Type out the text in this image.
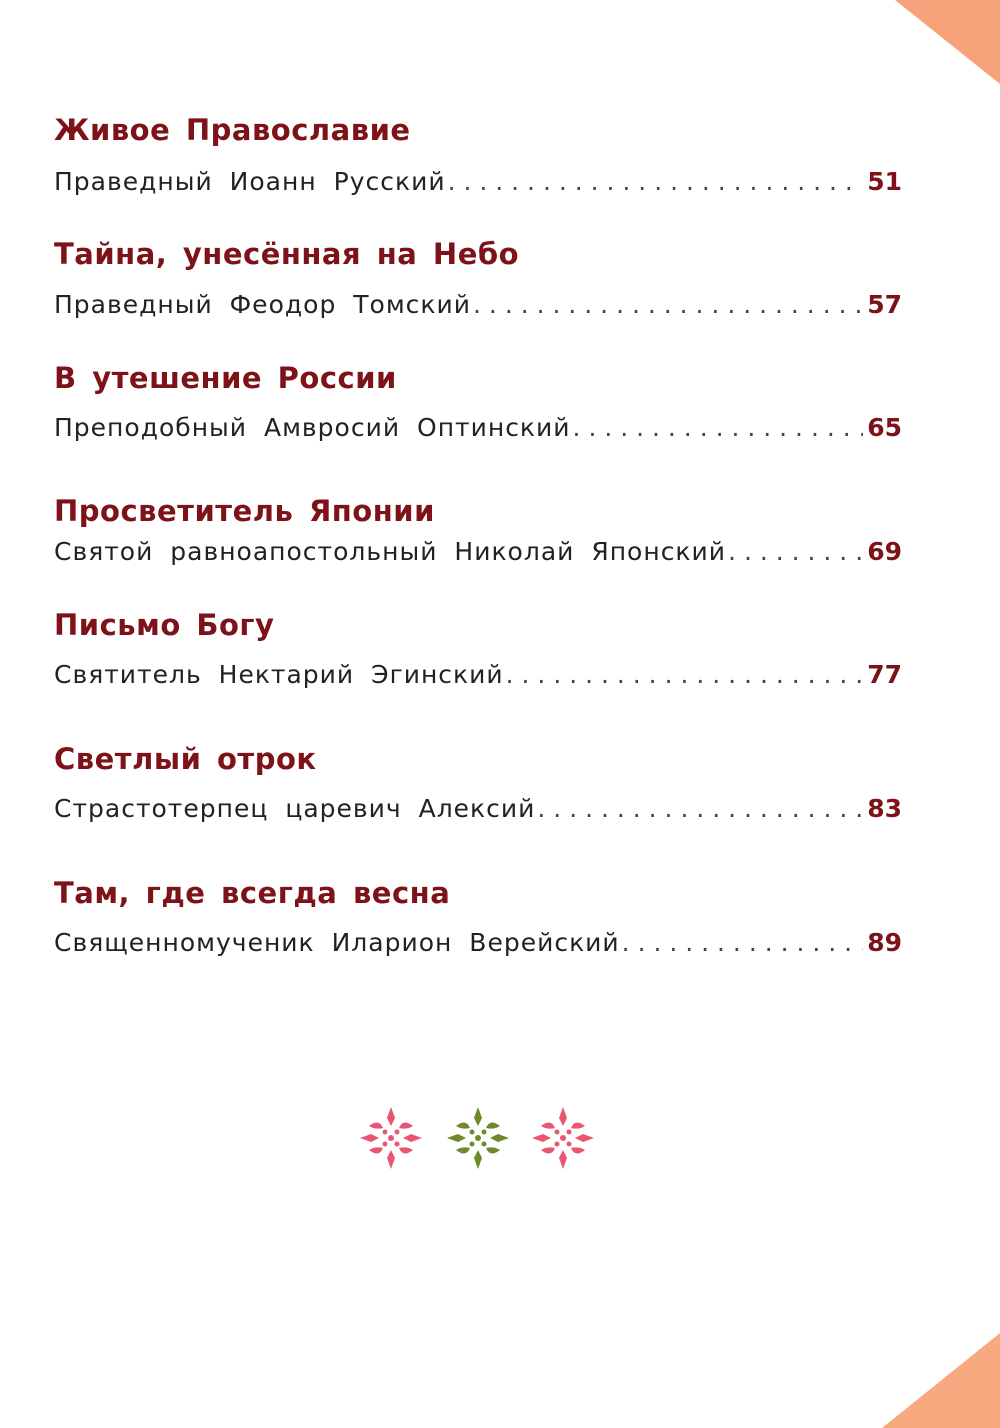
Живое Православие
Праведный Иоанн Русский . . .	51
Тайна, унесённая на Небо
Праведный Феодор Томский . . .	57
В утешение России
Преподобный Амвросий Оптинский . . .	65
Просветитель Японии
Святой равноапостольный Николай Японский . . .	69
Письмо Богу
Святитель Нектарий Эгинский . . .	77
Светлый отрок
Страстотерпец царевич Алексий . . .	83
Там, где всегда весна
Священномученик Иларион Верейский . . .	89
